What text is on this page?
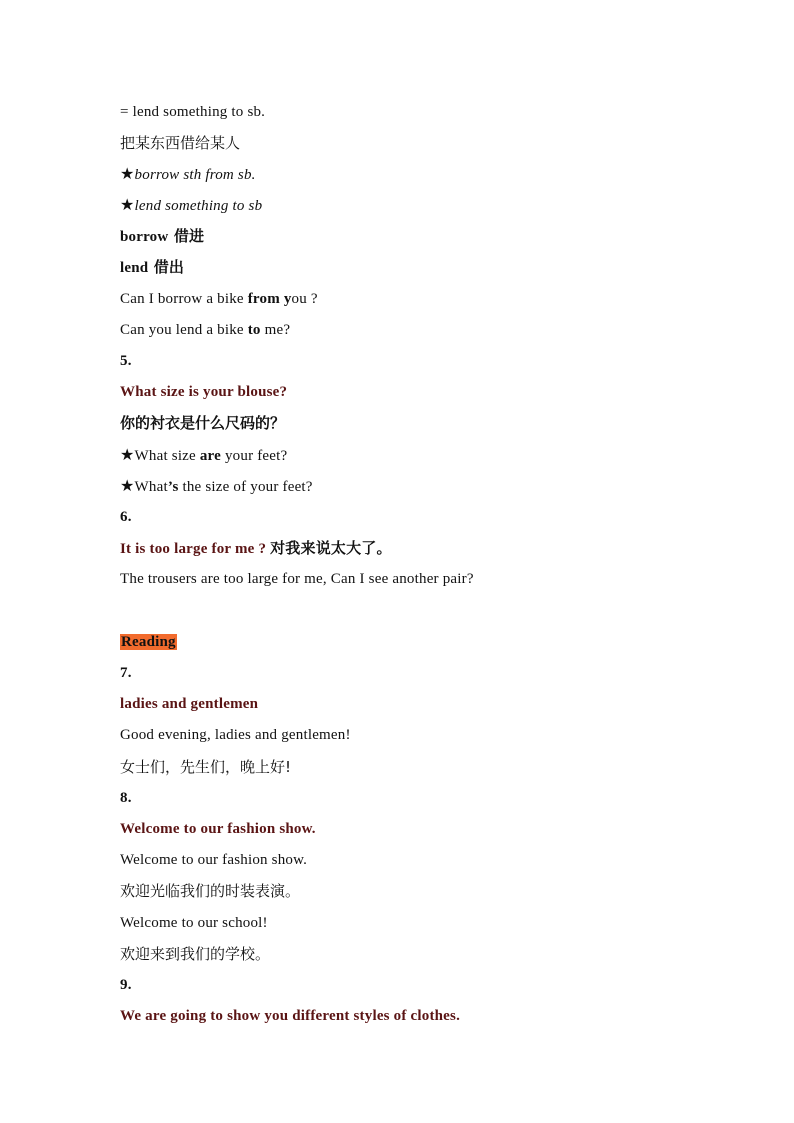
= lend something to sb.
把某东西借给某人
★borrow sth from sb.
★lend something to sb
borrow 借进
lend 借出
Can I borrow a bike from you ?
Can you lend a bike to me?
5.
What size is your blouse?
你的衬衣是什么尺码的？
★What size are your feet?
★What’s the size of your feet?
6.
It is too large for me ? 对我来说太大了。
The trousers are too large for me, Can I see another pair?
Reading
7.
ladies and gentlemen
Good evening, ladies and gentlemen!
女士们，先生们，晚上好!
8.
Welcome to our fashion show.
Welcome to our fashion show.
欢迎光临我们的时装表演。
Welcome to our school!
欢迎来到我们的学校。
9.
We are going to show you different styles of clothes.
